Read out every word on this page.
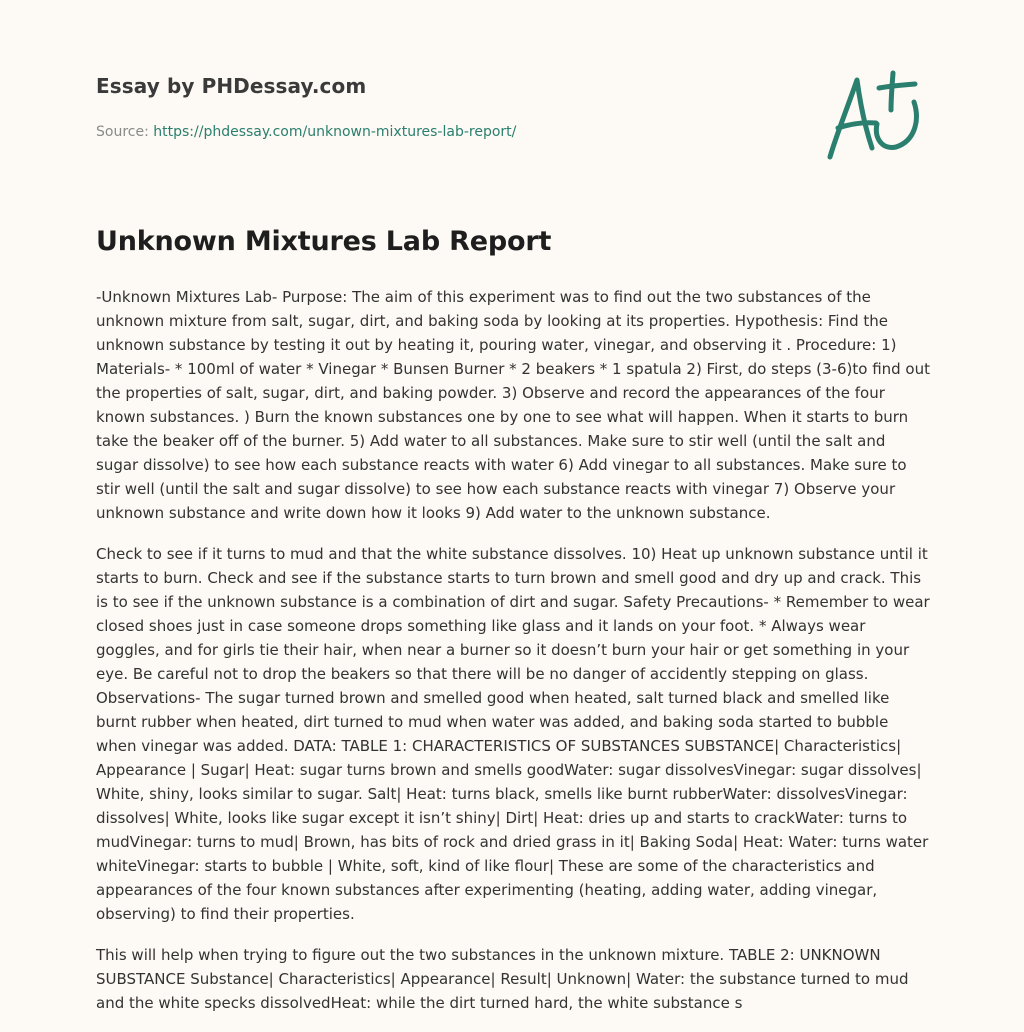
Essay by PHDessay.com
Source: https://phdessay.com/unknown-mixtures-lab-report/
Unknown Mixtures Lab Report

-Unknown Mixtures Lab- Purpose: The aim of this experiment was to find out the two substances of the unknown mixture from salt, sugar, dirt, and baking soda by looking at its properties. Hypothesis: Find the unknown substance by testing it out by heating it, pouring water, vinegar, and observing it . Procedure: 1) Materials- * 100ml of water * Vinegar * Bunsen Burner * 2 beakers * 1 spatula 2) First, do steps (3-6)to find out the properties of salt, sugar, dirt, and baking powder. 3) Observe and record the appearances of the four known substances. ) Burn the known substances one by one to see what will happen. When it starts to burn take the beaker off of the burner. 5) Add water to all substances. Make sure to stir well (until the salt and sugar dissolve) to see how each substance reacts with water 6) Add vinegar to all substances. Make sure to stir well (until the salt and sugar dissolve) to see how each substance reacts with vinegar 7) Observe your unknown substance and write down how it looks 9) Add water to the unknown substance.

Check to see if it turns to mud and that the white substance dissolves. 10) Heat up unknown substance until it starts to burn. Check and see if the substance starts to turn brown and smell good and dry up and crack. This is to see if the unknown substance is a combination of dirt and sugar. Safety Precautions- * Remember to wear closed shoes just in case someone drops something like glass and it lands on your foot. * Always wear goggles, and for girls tie their hair, when near a burner so it doesn’t burn your hair or get something in your eye. Be careful not to drop the beakers so that there will be no danger of accidently stepping on glass. Observations- The sugar turned brown and smelled good when heated, salt turned black and smelled like burnt rubber when heated, dirt turned to mud when water was added, and baking soda started to bubble when vinegar was added. DATA: TABLE 1: CHARACTERISTICS OF SUBSTANCES SUBSTANCE| Characteristics| Appearance | Sugar| Heat: sugar turns brown and smells goodWater: sugar dissolvesVinegar: sugar dissolves| White, shiny, looks similar to sugar. Salt| Heat: turns black, smells like burnt rubberWater: dissolvesVinegar: dissolves| White, looks like sugar except it isn’t shiny| Dirt| Heat: dries up and starts to crackWater: turns to mudVinegar: turns to mud| Brown, has bits of rock and dried grass in it| Baking Soda| Heat: Water: turns water whiteVinegar: starts to bubble | White, soft, kind of like flour| These are some of the characteristics and appearances of the four known substances after experimenting (heating, adding water, adding vinegar, observing) to find their properties.

This will help when trying to figure out the two substances in the unknown mixture. TABLE 2: UNKNOWN SUBSTANCE Substance| Characteristics| Appearance| Result| Unknown| Water: the substance turned to mud and the white specks dissolvedHeat: while the dirt turned hard, the white substance s
